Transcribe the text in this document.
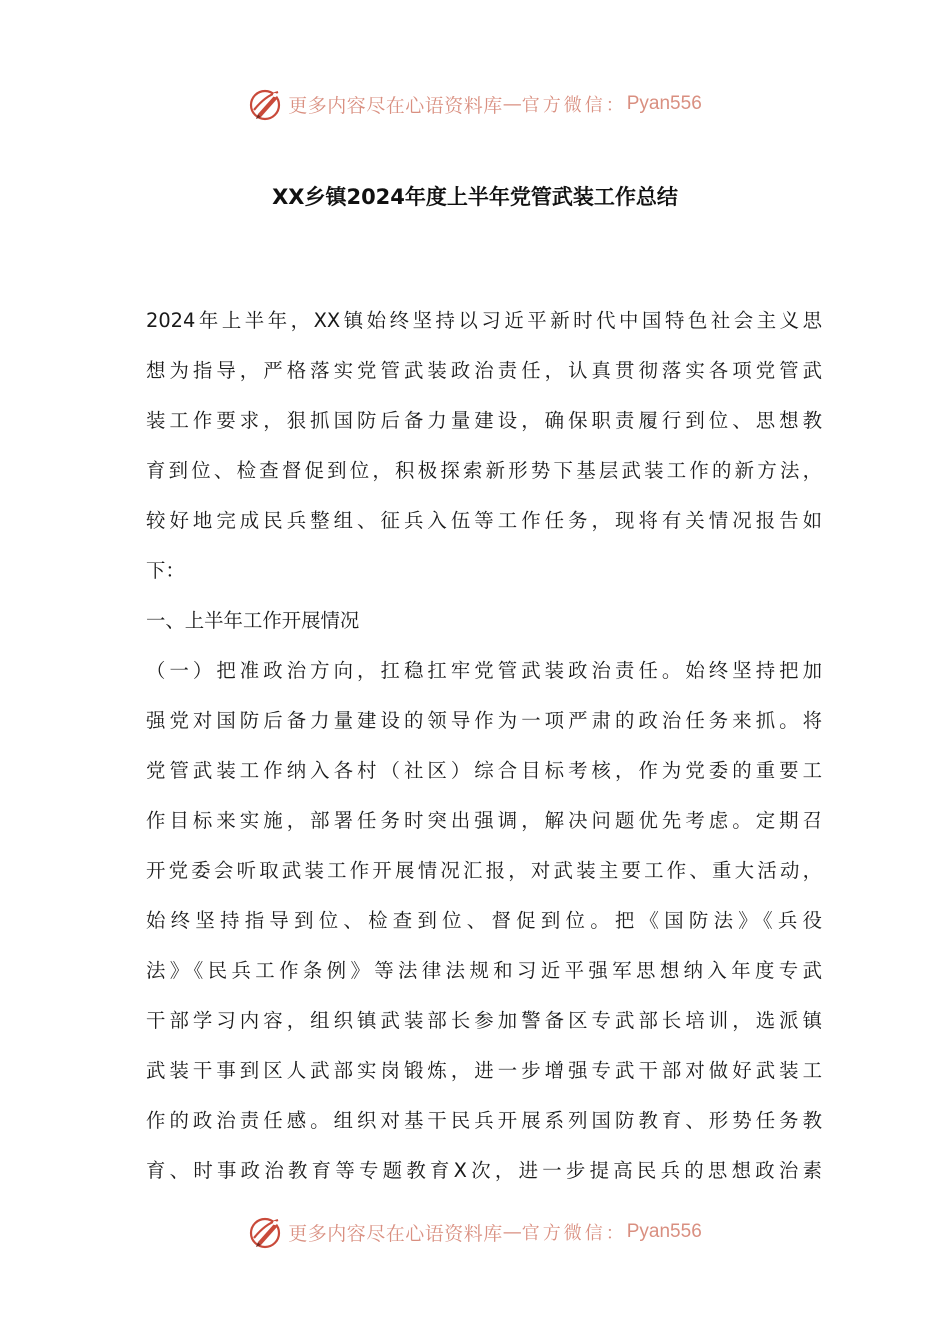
更多内容尽在心语资料库 — 官方微信： Pyan556
XX乡镇2024年度上半年党管武装工作总结
2024年上半年，XX镇始终坚持以习近平新时代中国特色社会主义思
想为指导，严格落实党管武装政治责任，认真贯彻落实各项党管武
装工作要求，狠抓国防后备力量建设，确保职责履行到位、思想教
育到位、检查督促到位，积极探索新形势下基层武装工作的新方法，
较好地完成民兵整组、征兵入伍等工作任务，现将有关情况报告如
下：
一、上半年工作开展情况
（一）把准政治方向，扛稳扛牢党管武装政治责任。始终坚持把加
强党对国防后备力量建设的领导作为一项严肃的政治任务来抓。将
党管武装工作纳入各村（社区）综合目标考核，作为党委的重要工
作目标来实施，部署任务时突出强调，解决问题优先考虑。定期召
开党委会听取武装工作开展情况汇报，对武装主要工作、重大活动，
始终坚持指导到位、检查到位、督促到位。把《国防法》《兵役
法》《民兵工作条例》等法律法规和习近平强军思想纳入年度专武
干部学习内容，组织镇武装部长参加警备区专武部长培训，选派镇
武装干事到区人武部实岗锻炼，进一步增强专武干部对做好武装工
作的政治责任感。组织对基干民兵开展系列国防教育、形势任务教
育、时事政治教育等专题教育X次，进一步提高民兵的思想政治素
更多内容尽在心语资料库 — 官方微信： Pyan556
